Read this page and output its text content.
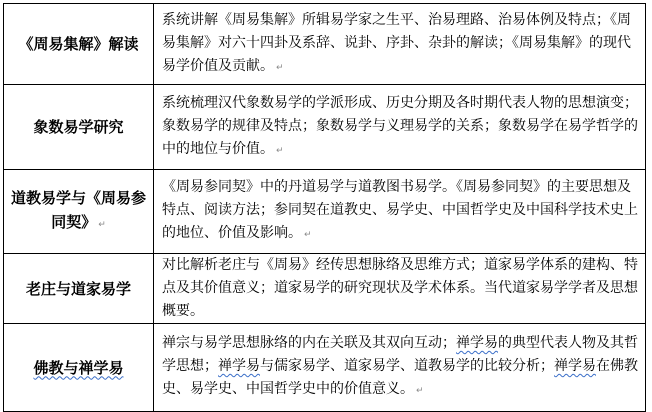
《周易集解》解读	系统讲解《周易集解》所辑易学家之生平、治易理路、治易体例及特点；《周易集解》对六十四卦及系辞、说卦、序卦、杂卦的解读；《周易集解》的现代易学价值及贡献。 ↵
象数易学研究	系统梳理汉代象数易学的学派形成、历史分期及各时期代表人物的思想演变；象数易学的规律及特点；象数易学与义理易学的关系；象数易学在易学哲学的中的地位与价值。 ↵
道教易学与《周易参同契》 ↵	《周易参同契》中的丹道易学与道教图书易学。《周易参同契》的主要思想及特点、阅读方法；参同契在道教史、易学史、中国哲学史及中国科学技术史上的地位、价值及影响。 ↵
老庄与道家易学	对比解析老庄与《周易》经传思想脉络及思维方式；道家易学体系的建构、特点及其价值意义；道家易学的研究现状及学术体系。当代道家易学学者及思想概要。
佛教与禅学易	禅宗与易学思想脉络的内在关联及其双向互动；禅学易的典型代表人物及其哲学思想；禅学易与儒家易学、道家易学、道教易学的比较分析；禅学易在佛教史、易学史、中国哲学史中的价值意义。 ↵
